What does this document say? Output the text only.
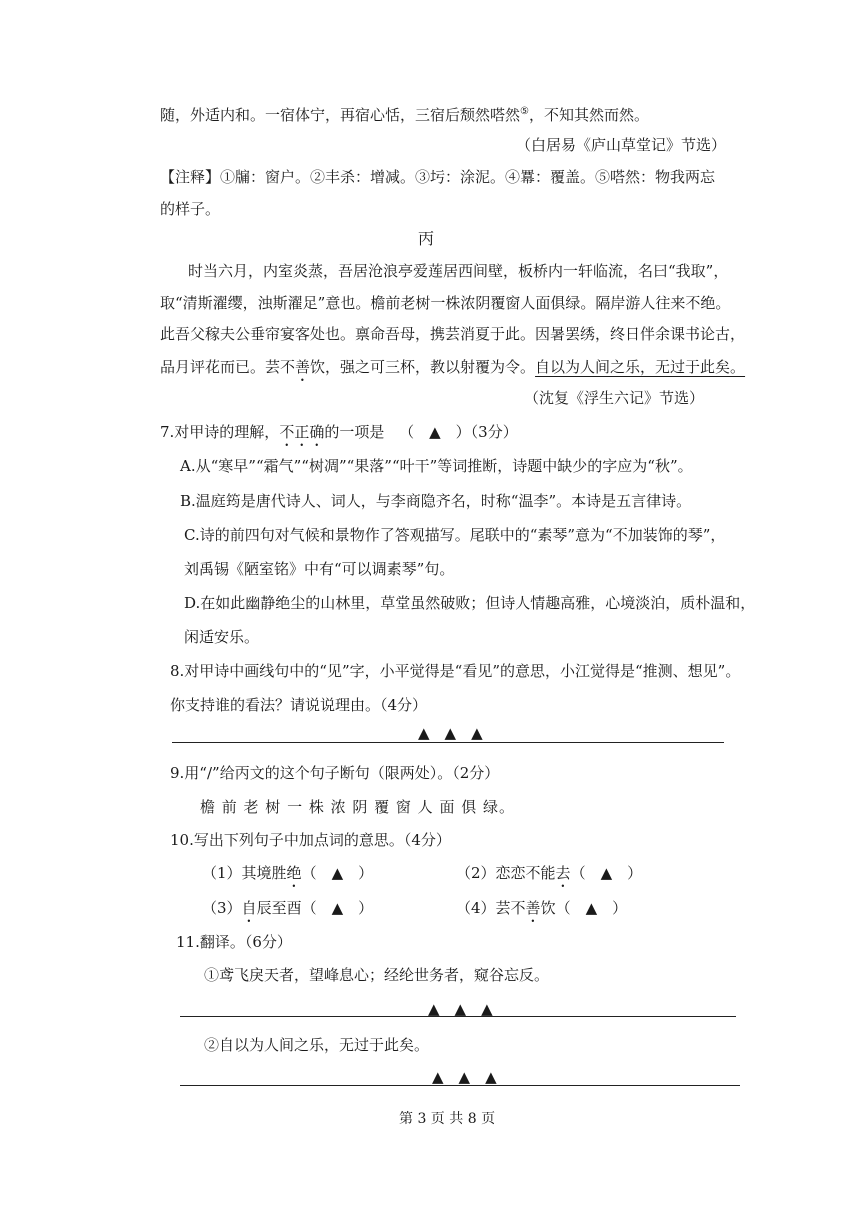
随，外适内和。一宿体宁，再宿心恬，三宿后颓然嗒然⑤，不知其然而然。
（白居易《庐山草堂记》节选）
【注释】①牖：窗户。②丰杀：增减。③圬：涂泥。④羃：覆盖。⑤嗒然：物我两忘
的样子。
丙
时当六月，内室炎蒸，吾居沧浪亭爱莲居西间壁，板桥内一轩临流，名曰“我取”，
取“清斯濯缨，浊斯濯足”意也。檐前老树一株浓阴覆窗人面俱绿。隔岸游人往来不绝。
此吾父稼夫公垂帘宴客处也。禀命吾母，携芸消夏于此。因暑罢绣，终日伴余课书论古，
品月评花而已。芸不善饮，强之可三杯，教以射覆为令。自以为人间之乐，无过于此矣。
（沈复《浮生六记》节选）
7.对甲诗的理解，不正确的一项是 （　▲　）（3分）
A.从“寒早”“霜气”“树凋”“果落”“叶干”等词推断，诗题中缺少的字应为“秋”。
B.温庭筠是唐代诗人、词人，与李商隐齐名，时称“温李”。本诗是五言律诗。
C.诗的前四句对气候和景物作了答观描写。尾联中的“素琴”意为“不加装饰的琴”，
刘禹锡《陋室铭》中有“可以调素琴”句。
D.在如此幽静绝尘的山林里，草堂虽然破败；但诗人情趣高雅，心境淡泊，质朴温和，
闲适安乐。
8.对甲诗中画线句中的“见”字，小平觉得是“看见”的意思，小江觉得是“推测、想见”。
你支持谁的看法？请说说理由。（4分）
▲　▲　▲
9.用“/”给丙文的这个句子断句（限两处）。（2分）
檐 前 老 树 一 株 浓 阴 覆 窗 人 面 俱 绿。
10.写出下列句子中加点词的意思。（4分）
（1）其境胜绝（　▲　）	（2）恋恋不能去（　▲　）
（3）自辰至酉（　▲　）	（4）芸不善饮（　▲　）
11.翻译。（6分）
①鸢飞戾天者，望峰息心；经纶世务者，窥谷忘反。
▲　▲　▲
②自以为人间之乐，无过于此矣。
▲　▲　▲
第 3 页 共 8 页
